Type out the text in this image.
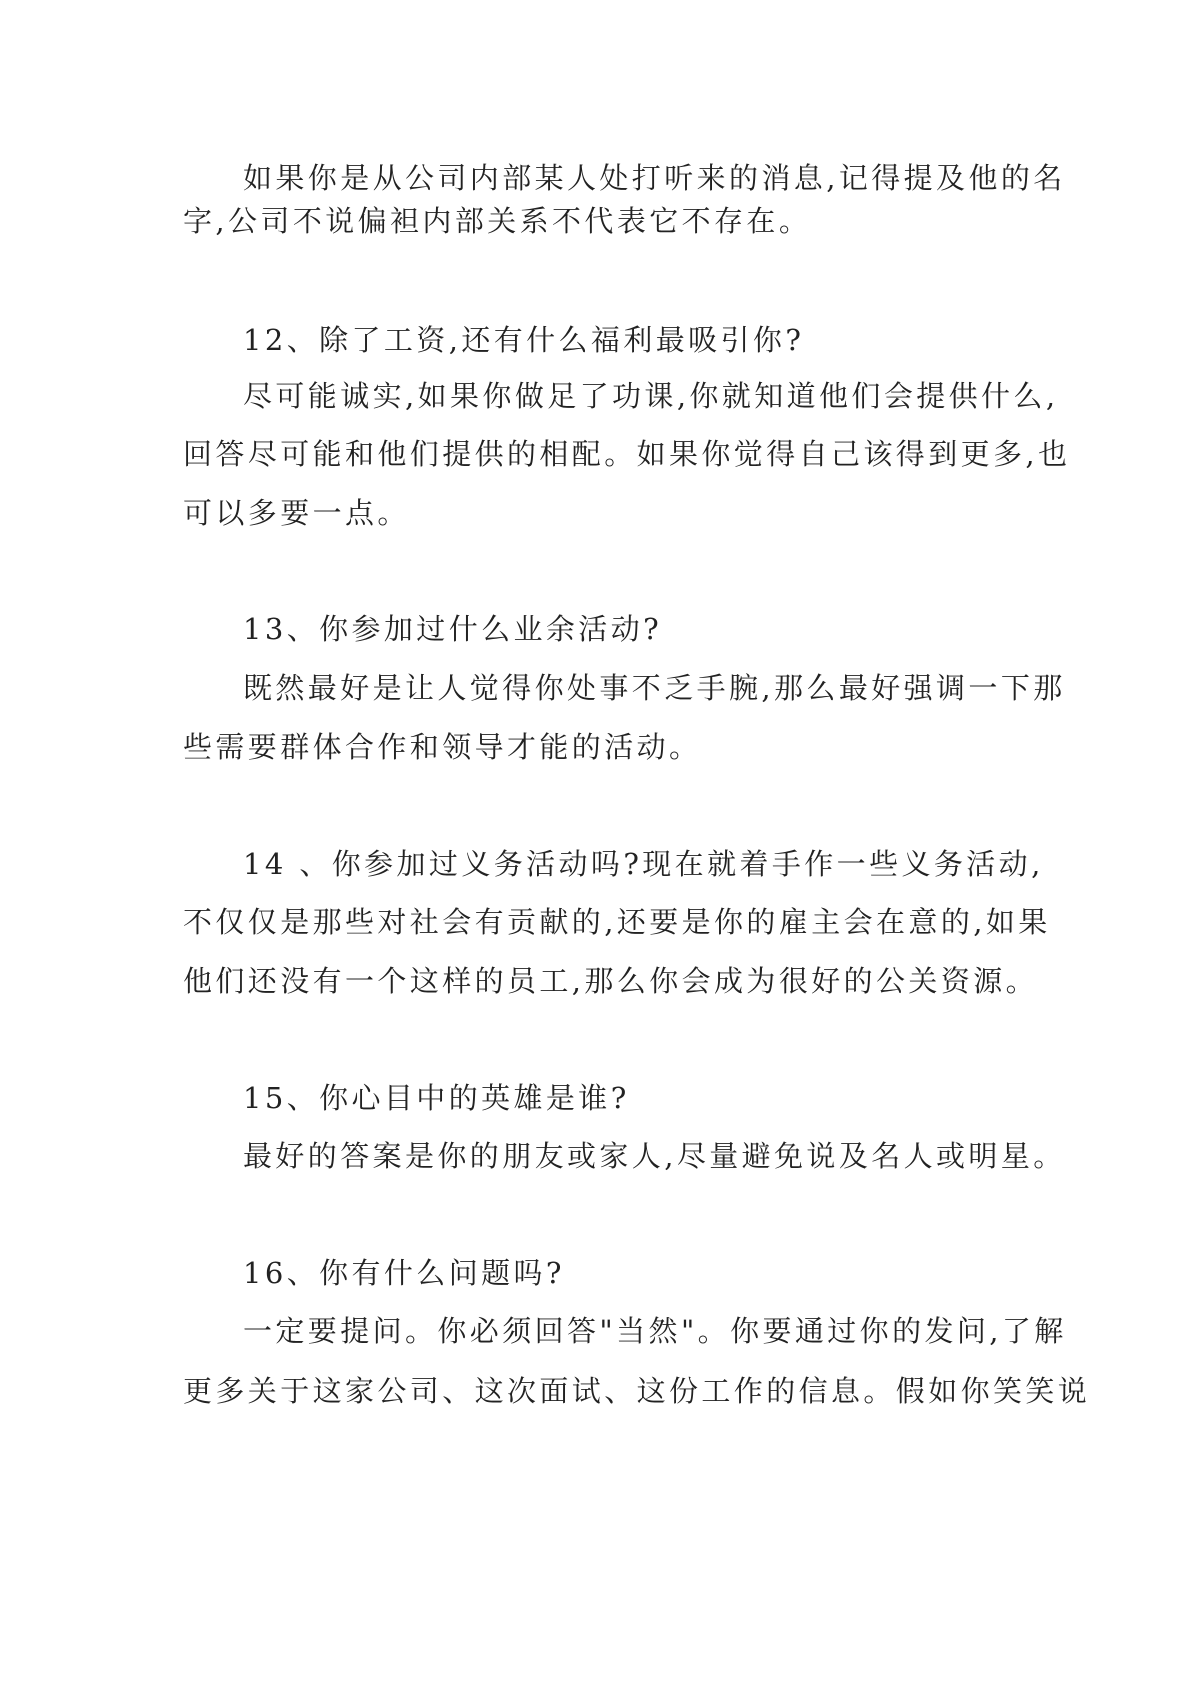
如果你是从公司内部某人处打听来的消息,记得提及他的名
字,公司不说偏袒内部关系不代表它不存在。
12、除了工资,还有什么福利最吸引你?
尽可能诚实,如果你做足了功课,你就知道他们会提供什么,
回答尽可能和他们提供的相配。如果你觉得自己该得到更多,也
可以多要一点。
13、你参加过什么业余活动?
既然最好是让人觉得你处事不乏手腕,那么最好强调一下那
些需要群体合作和领导才能的活动。
14 、你参加过义务活动吗?现在就着手作一些义务活动,
不仅仅是那些对社会有贡献的,还要是你的雇主会在意的,如果
他们还没有一个这样的员工,那么你会成为很好的公关资源。
15、你心目中的英雄是谁?
最好的答案是你的朋友或家人,尽量避免说及名人或明星。
16、你有什么问题吗?
一定要提问。你必须回答"当然"。你要通过你的发问,了解
更多关于这家公司、这次面试、这份工作的信息。假如你笑笑说
